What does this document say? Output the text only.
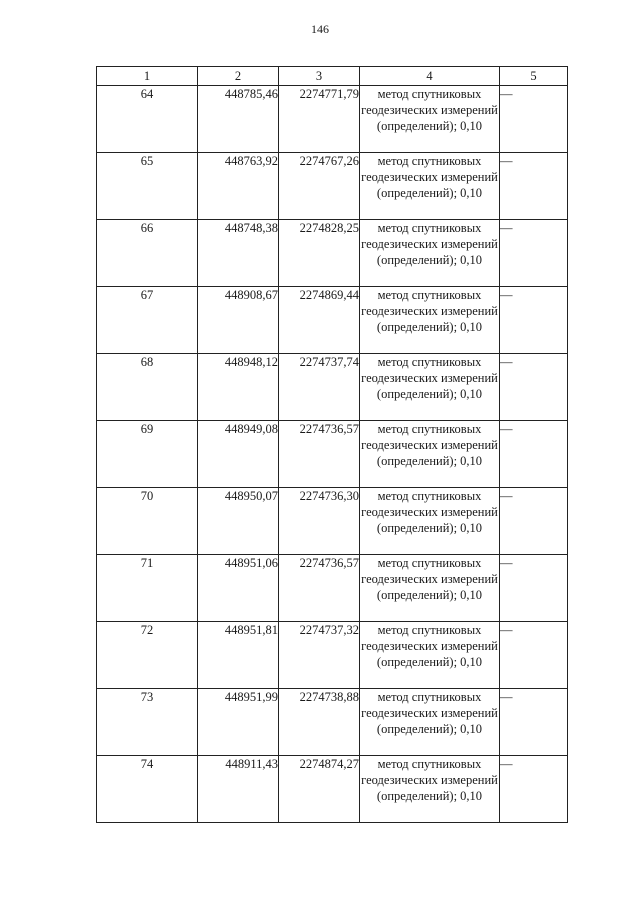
146
1	2	3	4	5
64	448785,46	2274771,79	метод спутниковых геодезических измерений (определений); 0,10	—
65	448763,92	2274767,26	метод спутниковых геодезических измерений (определений); 0,10	—
66	448748,38	2274828,25	метод спутниковых геодезических измерений (определений); 0,10	—
67	448908,67	2274869,44	метод спутниковых геодезических измерений (определений); 0,10	—
68	448948,12	2274737,74	метод спутниковых геодезических измерений (определений); 0,10	—
69	448949,08	2274736,57	метод спутниковых геодезических измерений (определений); 0,10	—
70	448950,07	2274736,30	метод спутниковых геодезических измерений (определений); 0,10	—
71	448951,06	2274736,57	метод спутниковых геодезических измерений (определений); 0,10	—
72	448951,81	2274737,32	метод спутниковых геодезических измерений (определений); 0,10	—
73	448951,99	2274738,88	метод спутниковых геодезических измерений (определений); 0,10	—
74	448911,43	2274874,27	метод спутниковых геодезических измерений (определений); 0,10	—
